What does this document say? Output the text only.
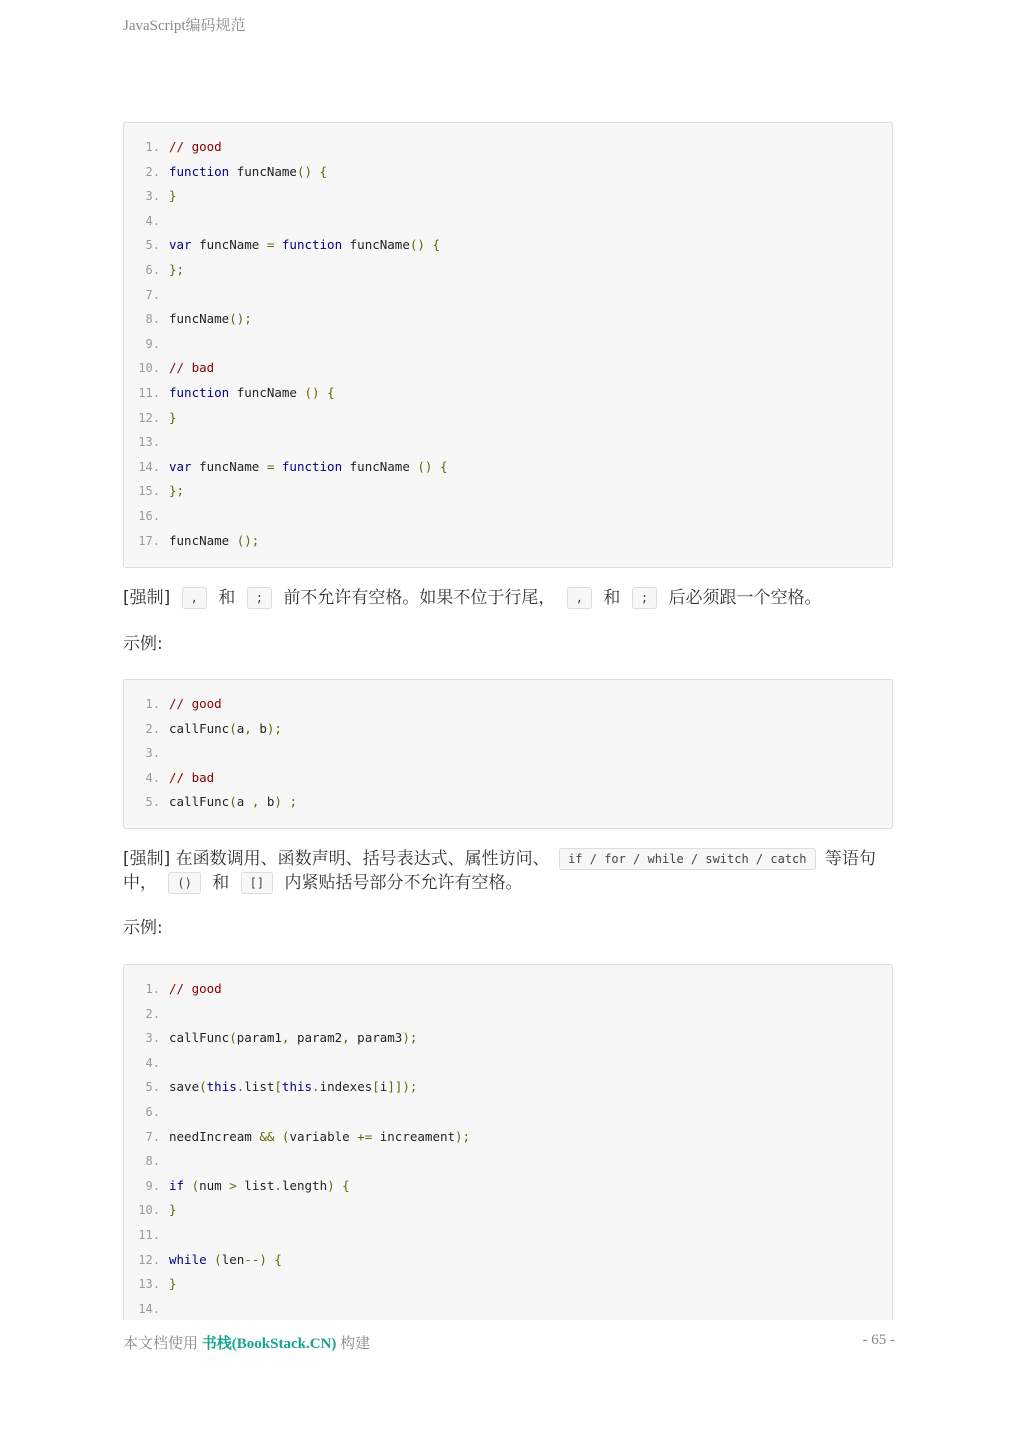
JavaScript编码规范
1. // good
2. function funcName() {
3. }
4.
5. var funcName = function funcName() {
6. };
7.
8. funcName();
9.
10. // bad
11. function funcName () {
12. }
13.
14. var funcName = function funcName () {
15. };
16.
17. funcName ();
[强制] , 和 ; 前不允许有空格。如果不位于行尾， , 和 ; 后必须跟一个空格。
示例:
1. // good
2. callFunc(a, b);
3.
4. // bad
5. callFunc(a , b) ;
[强制] 在函数调用、函数声明、括号表达式、属性访问、 if / for / while / switch / catch 等语句中， () 和 [] 内紧贴括号部分不允许有空格。
示例:
1. // good
2.
3. callFunc(param1, param2, param3);
4.
5. save(this.list[this.indexes[i]]);
6.
7. needIncream && (variable += increament);
8.
9. if (num > list.length) {
10. }
11.
12. while (len--) {
13. }
14.
本文档使用 书栈(BookStack.CN) 构建	- 65 -
